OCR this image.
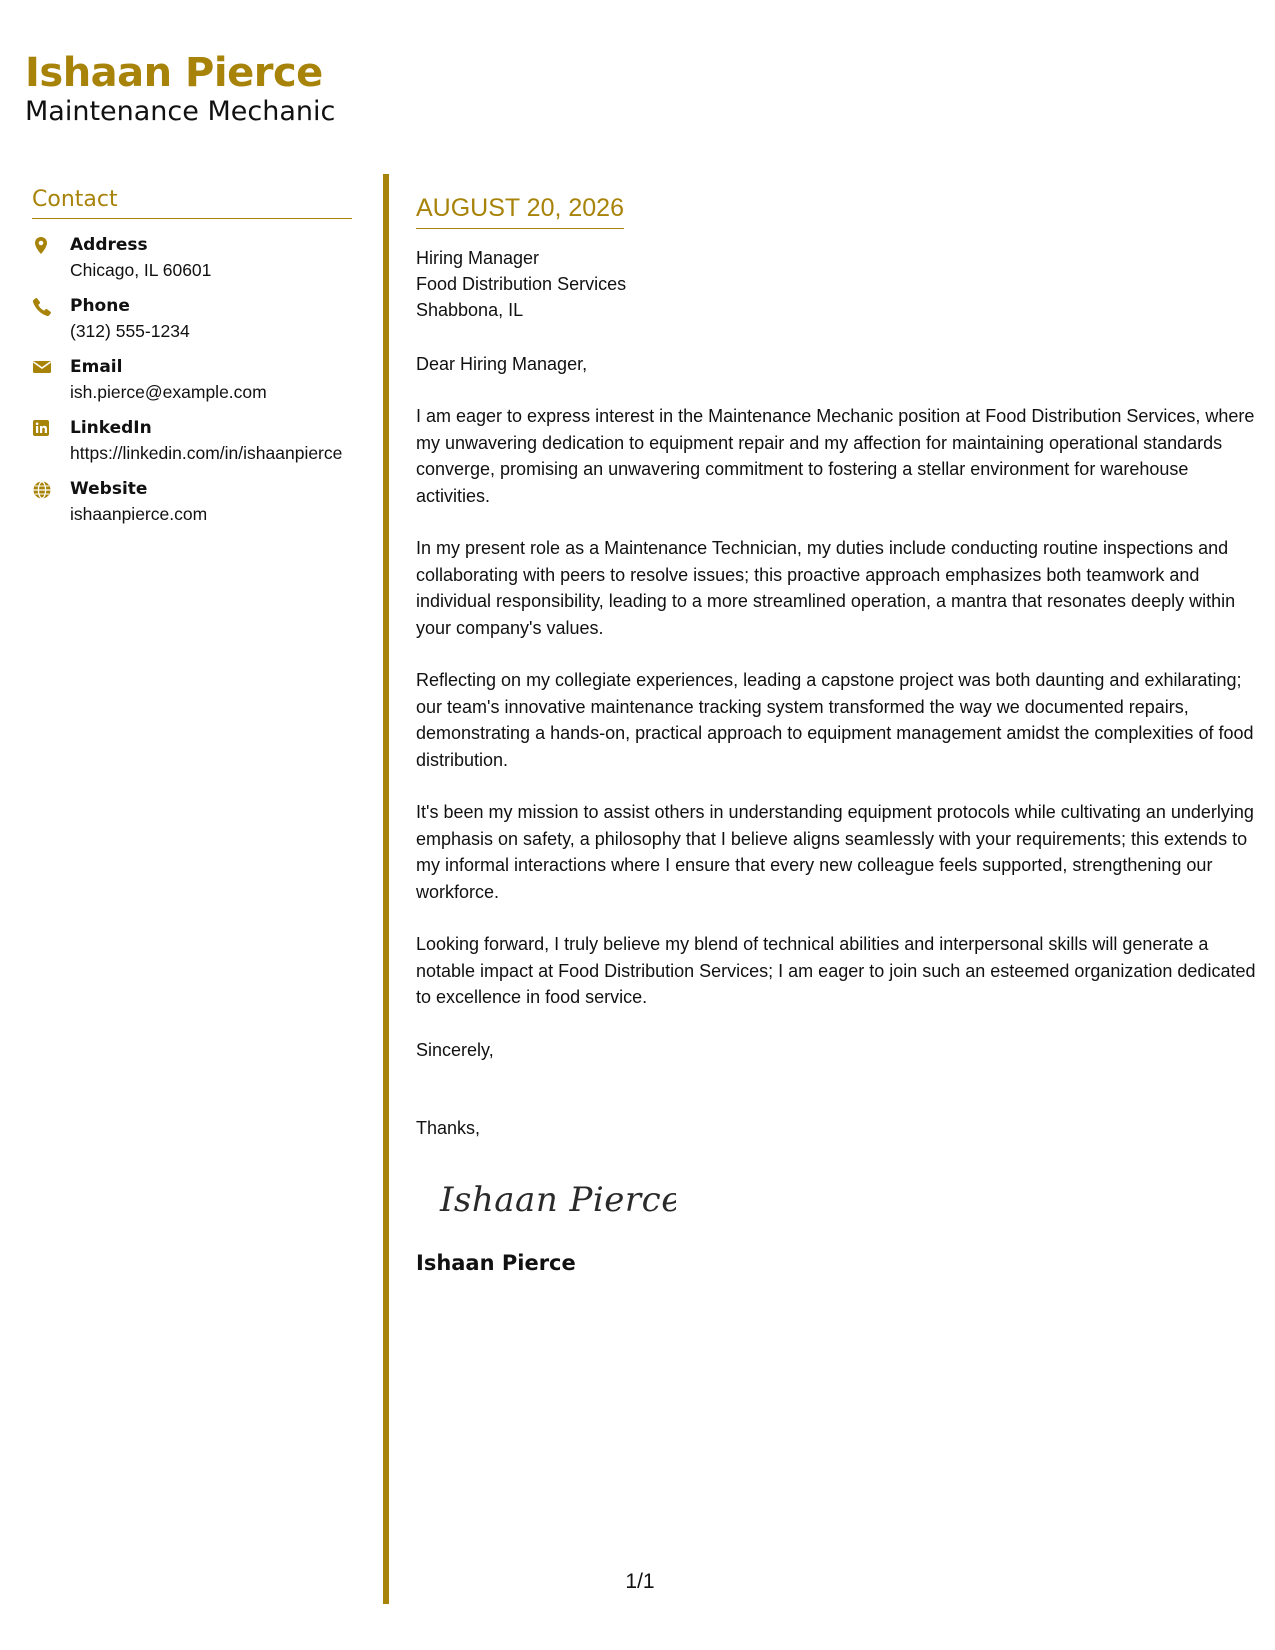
Ishaan Pierce
Maintenance Mechanic
Contact
Address
Chicago, IL 60601
Phone
(312) 555-1234
Email
ish.pierce@example.com
LinkedIn
https://linkedin.com/in/ishaanpierce
Website
ishaanpierce.com
AUGUST 20, 2026
Hiring Manager
Food Distribution Services
Shabbona, IL
Dear Hiring Manager,
I am eager to express interest in the Maintenance Mechanic position at Food Distribution Services, where my unwavering dedication to equipment repair and my affection for maintaining operational standards converge, promising an unwavering commitment to fostering a stellar environment for warehouse activities.
In my present role as a Maintenance Technician, my duties include conducting routine inspections and collaborating with peers to resolve issues; this proactive approach emphasizes both teamwork and individual responsibility, leading to a more streamlined operation, a mantra that resonates deeply within your company's values.
Reflecting on my collegiate experiences, leading a capstone project was both daunting and exhilarating; our team's innovative maintenance tracking system transformed the way we documented repairs, demonstrating a hands-on, practical approach to equipment management amidst the complexities of food distribution.
It's been my mission to assist others in understanding equipment protocols while cultivating an underlying emphasis on safety, a philosophy that I believe aligns seamlessly with your requirements; this extends to my informal interactions where I ensure that every new colleague feels supported, strengthening our workforce.
Looking forward, I truly believe my blend of technical abilities and interpersonal skills will generate a notable impact at Food Distribution Services; I am eager to join such an esteemed organization dedicated to excellence in food service.
Sincerely,
Thanks,
Ishaan Pierce
Ishaan Pierce
1/1
